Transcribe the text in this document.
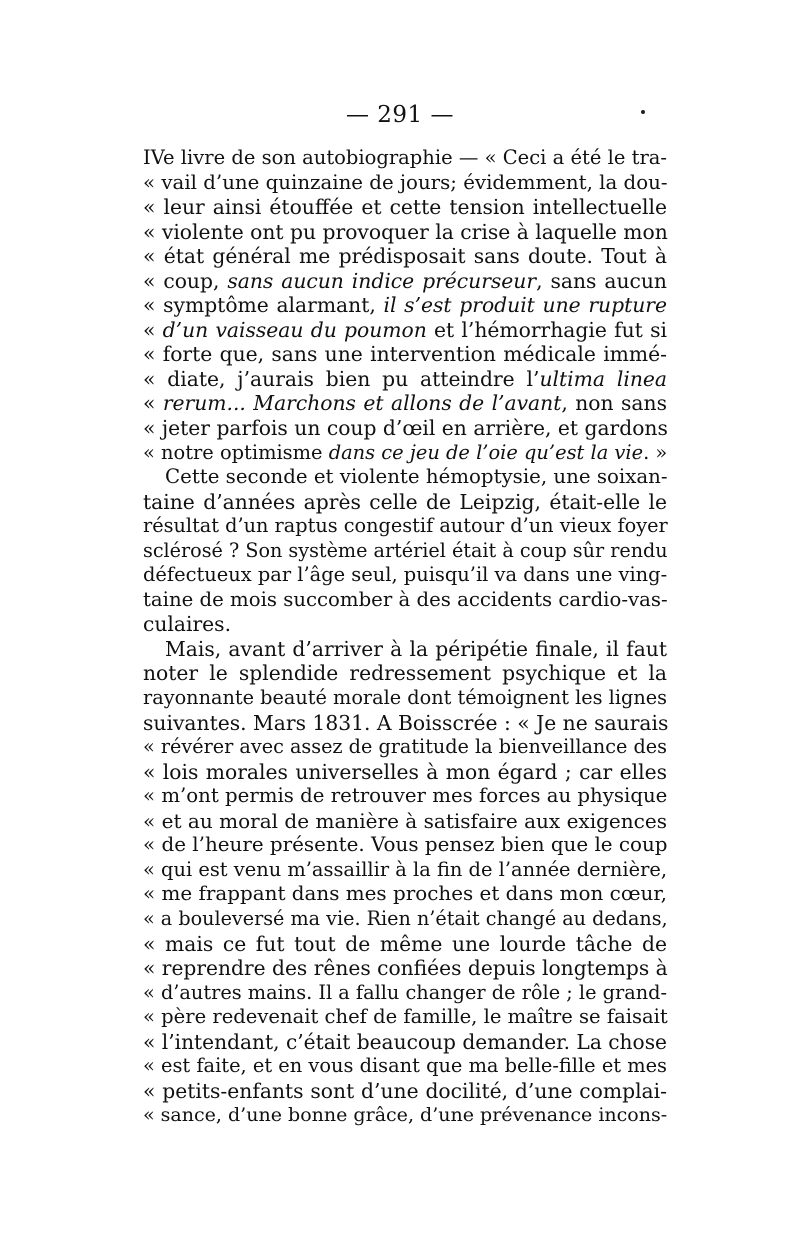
— 291 —
IVe livre de son autobiographie — « Ceci a été le tra-
« vail d’une quinzaine de jours; évidemment, la dou-
« leur ainsi étouffée et cette tension intellectuelle
« violente ont pu provoquer la crise à laquelle mon
« état général me prédisposait sans doute. Tout à
« coup, sans aucun indice précurseur, sans aucun
« symptôme alarmant, il s’est produit une rupture
« d’un vaisseau du poumon et l’hémorrhagie fut si
« forte que, sans une intervention médicale immé-
« diate, j’aurais bien pu atteindre l’ultima linea
« rerum... Marchons et allons de l’avant, non sans
« jeter parfois un coup d’œil en arrière, et gardons
« notre optimisme dans ce jeu de l’oie qu’est la vie. »
Cette seconde et violente hémoptysie, une soixan-
taine d’années après celle de Leipzig, était-elle le
résultat d’un raptus congestif autour d’un vieux foyer
sclérosé ? Son système artériel était à coup sûr rendu
défectueux par l’âge seul, puisqu’il va dans une ving-
taine de mois succomber à des accidents cardio-vas-
culaires.
Mais, avant d’arriver à la péripétie finale, il faut
noter le splendide redressement psychique et la
rayonnante beauté morale dont témoignent les lignes
suivantes. Mars 1831. A Boisscrée : « Je ne saurais
« révérer avec assez de gratitude la bienveillance des
« lois morales universelles à mon égard ; car elles
« m’ont permis de retrouver mes forces au physique
« et au moral de manière à satisfaire aux exigences
« de l’heure présente. Vous pensez bien que le coup
« qui est venu m’assaillir à la fin de l’année dernière,
« me frappant dans mes proches et dans mon cœur,
« a bouleversé ma vie. Rien n’était changé au dedans,
« mais ce fut tout de même une lourde tâche de
« reprendre des rênes confiées depuis longtemps à
« d’autres mains. Il a fallu changer de rôle ; le grand-
« père redevenait chef de famille, le maître se faisait
« l’intendant, c’était beaucoup demander. La chose
« est faite, et en vous disant que ma belle-fille et mes
« petits-enfants sont d’une docilité, d’une complai-
« sance, d’une bonne grâce, d’une prévenance incons-
